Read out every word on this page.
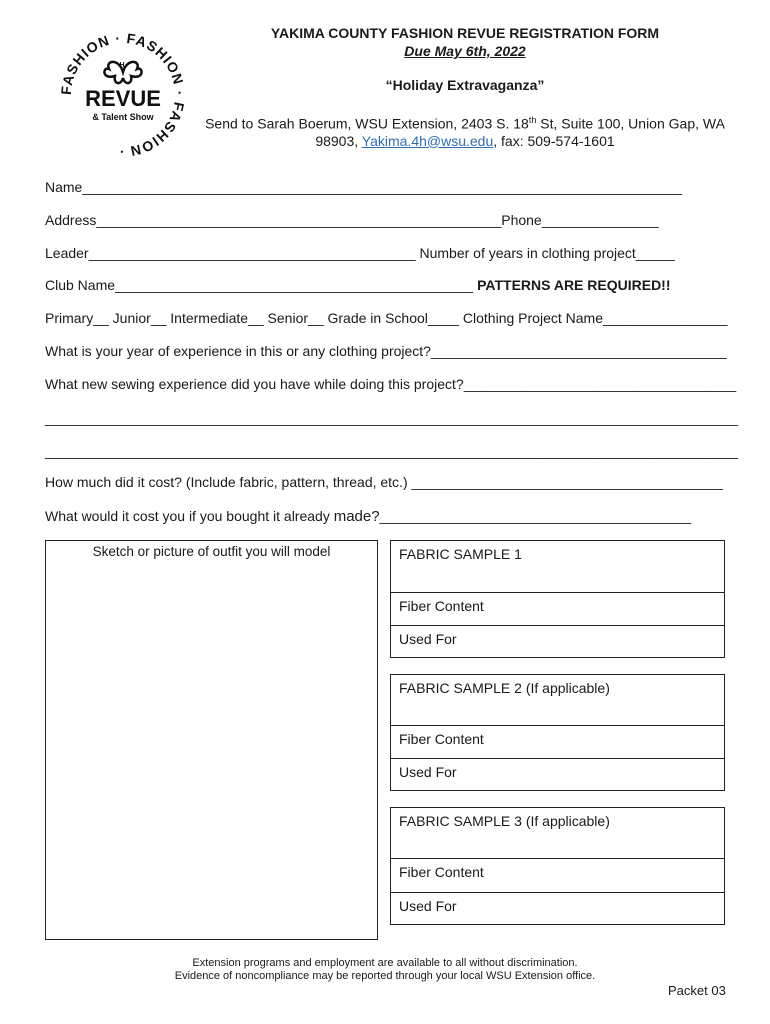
FASHION · FASHION · FASHION ·
H
REVUE
& Talent Show
YAKIMA COUNTY FASHION REVUE REGISTRATION FORM
Due May 6th, 2022
“Holiday Extravaganza”
Send to Sarah Boerum, WSU Extension, 2403 S. 18th St, Suite 100, Union Gap, WA 98903, Yakima.4h@wsu.edu, fax: 509-574-1601
Name_____________________________________________________________________________
Address____________________________________________________Phone_______________
Leader__________________________________________ Number of years in clothing project_____
Club Name______________________________________________ PATTERNS ARE REQUIRED!!
Primary__ Junior__ Intermediate__ Senior__ Grade in School____ Clothing Project Name________________
What is your year of experience in this or any clothing project?______________________________________
What new sewing experience did you have while doing this project?___________________________________
_________________________________________________________________________________________
_________________________________________________________________________________________
How much did it cost? (Include fabric, pattern, thread, etc.) ________________________________________
What would it cost you if you bought it already made?________________________________________
Sketch or picture of outfit you will model	FABRIC SAMPLE 1
Fiber Content
Used For
FABRIC SAMPLE 2 (If applicable)
Fiber Content
Used For
FABRIC SAMPLE 3 (If applicable)
Fiber Content
Used For
Extension programs and employment are available to all without discrimination.
Evidence of noncompliance may be reported through your local WSU Extension office.
Packet 03
